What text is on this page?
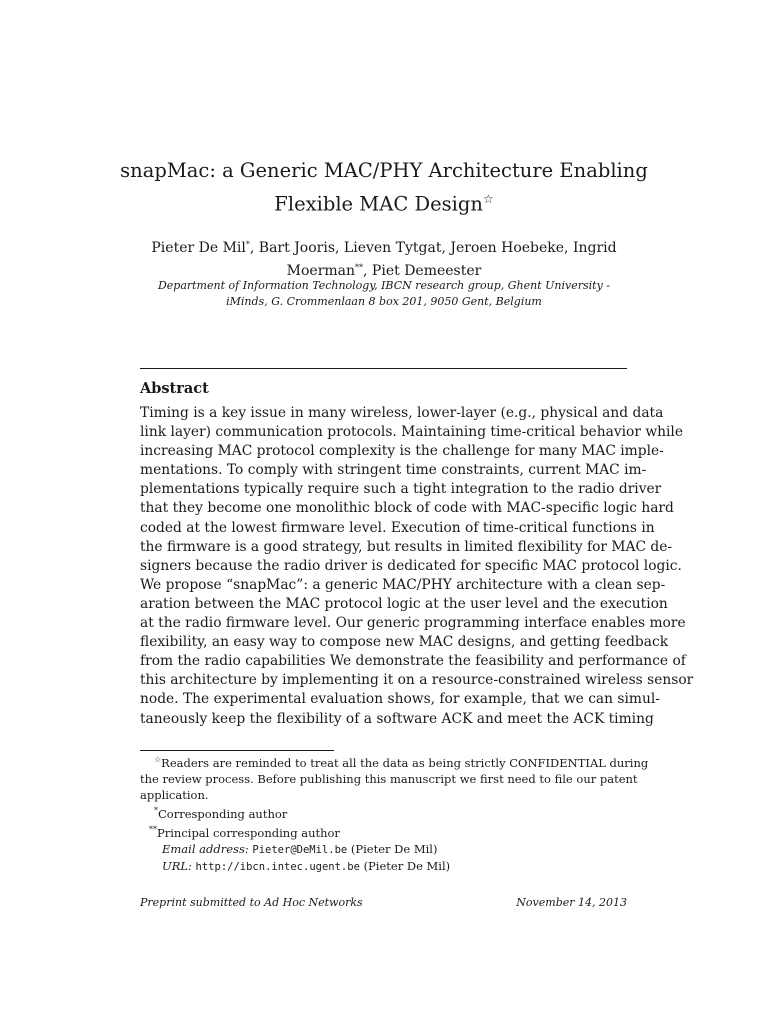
snapMac: a Generic MAC/PHY Architecture Enabling
Flexible MAC Design☆
Pieter De Mil*, Bart Jooris, Lieven Tytgat, Jeroen Hoebeke, Ingrid
Moerman**, Piet Demeester
Department of Information Technology, IBCN research group, Ghent University -
iMinds, G. Crommenlaan 8 box 201, 9050 Gent, Belgium
Abstract
Timing is a key issue in many wireless, lower-layer (e.g., physical and data
link layer) communication protocols. Maintaining time-critical behavior while
increasing MAC protocol complexity is the challenge for many MAC imple-
mentations. To comply with stringent time constraints, current MAC im-
plementations typically require such a tight integration to the radio driver
that they become one monolithic block of code with MAC-specific logic hard
coded at the lowest firmware level. Execution of time-critical functions in
the firmware is a good strategy, but results in limited flexibility for MAC de-
signers because the radio driver is dedicated for specific MAC protocol logic.
We propose “snapMac”: a generic MAC/PHY architecture with a clean sep-
aration between the MAC protocol logic at the user level and the execution
at the radio firmware level. Our generic programming interface enables more
flexibility, an easy way to compose new MAC designs, and getting feedback
from the radio capabilities We demonstrate the feasibility and performance of
this architecture by implementing it on a resource-constrained wireless sensor
node. The experimental evaluation shows, for example, that we can simul-
taneously keep the flexibility of a software ACK and meet the ACK timing
☆Readers are reminded to treat all the data as being strictly CONFIDENTIAL during
the review process. Before publishing this manuscript we first need to file our patent
application.
*Corresponding author
**Principal corresponding author
Email address: Pieter@DeMil.be (Pieter De Mil)
URL: http://ibcn.intec.ugent.be (Pieter De Mil)
Preprint submitted to Ad Hoc Networks	November 14, 2013
